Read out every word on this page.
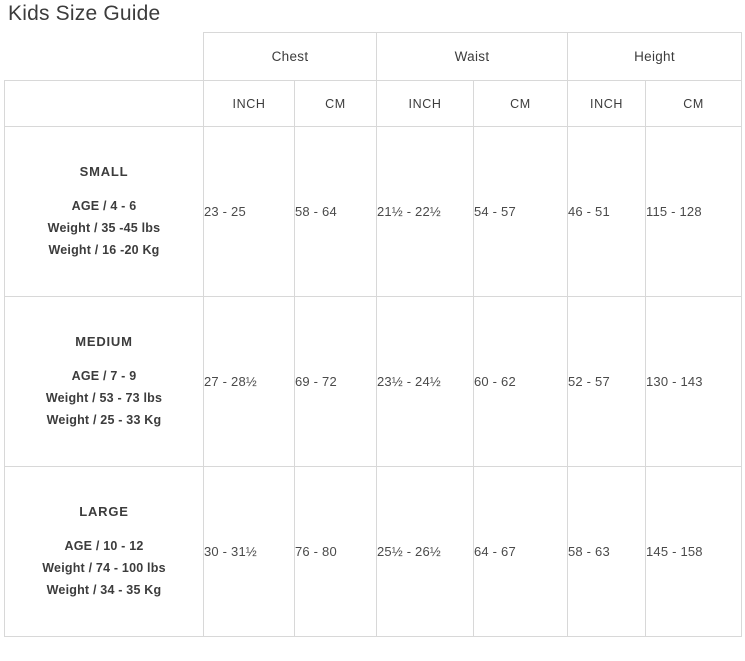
Kids Size Guide
	Chest		Waist		Height	
	INCH	CM	INCH	CM	INCH	CM

SMALL
AGE / 4 - 6
Weight / 35 -45 lbs
Weight / 16 -20 Kg	23 - 25	58 - 64	21½ - 22½	54 - 57	46 - 51	115 - 128

MEDIUM
AGE / 7 - 9
Weight / 53 - 73 lbs
Weight / 25 - 33 Kg	27 - 28½	69 - 72	23½ - 24½	60 - 62	52 - 57	130 - 143

LARGE
AGE / 10 - 12
Weight / 74 - 100 lbs
Weight / 34 - 35 Kg	30 - 31½	76 - 80	25½ - 26½	64 - 67	58 - 63	145 - 158
